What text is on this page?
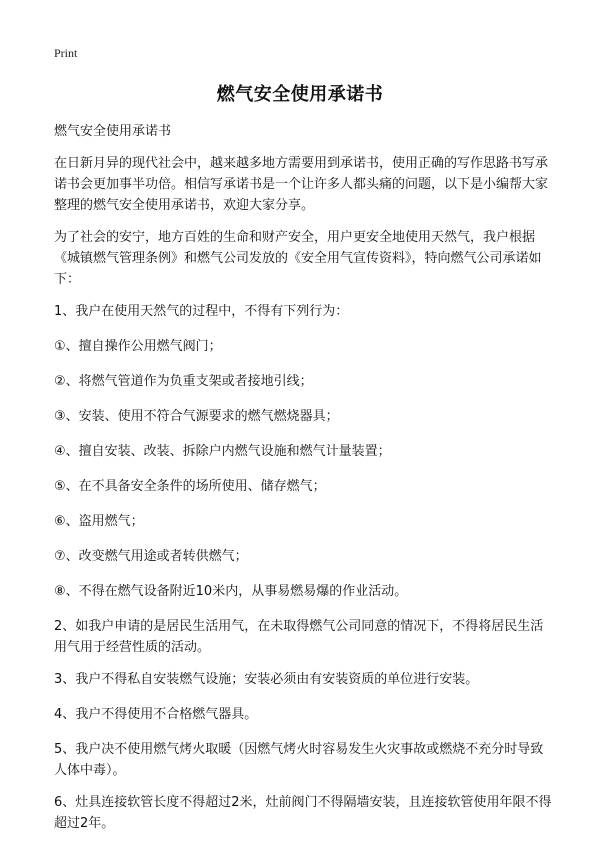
Print
燃气安全使用承诺书

燃气安全使用承诺书

在日新月异的现代社会中，越来越多地方需要用到承诺书，使用正确的写作思路书写承诺书会更加事半功倍。相信写承诺书是一个让许多人都头痛的问题，以下是小编帮大家整理的燃气安全使用承诺书，欢迎大家分享。

为了社会的安宁，地方百姓的生命和财产安全，用户更安全地使用天然气，我户根据《城镇燃气管理条例》和燃气公司发放的《安全用气宣传资料》，特向燃气公司承诺如下：

1、我户在使用天然气的过程中，不得有下列行为：

①、擅自操作公用燃气阀门；

②、将燃气管道作为负重支架或者接地引线；

③、安装、使用不符合气源要求的燃气燃烧器具；

④、擅自安装、改装、拆除户内燃气设施和燃气计量装置；

⑤、在不具备安全条件的场所使用、储存燃气；

⑥、盗用燃气；

⑦、改变燃气用途或者转供燃气；

⑧、不得在燃气设备附近10米内，从事易燃易爆的作业活动。

2、如我户申请的是居民生活用气，在未取得燃气公司同意的情况下，不得将居民生活用气用于经营性质的活动。

3、我户不得私自安装燃气设施；安装必须由有安装资质的单位进行安装。

4、我户不得使用不合格燃气器具。

5、我户决不使用燃气烤火取暖（因燃气烤火时容易发生火灾事故或燃烧不充分时导致人体中毒）。

6、灶具连接软管长度不得超过2米，灶前阀门不得隔墙安装，且连接软管使用年限不得超过2年。
